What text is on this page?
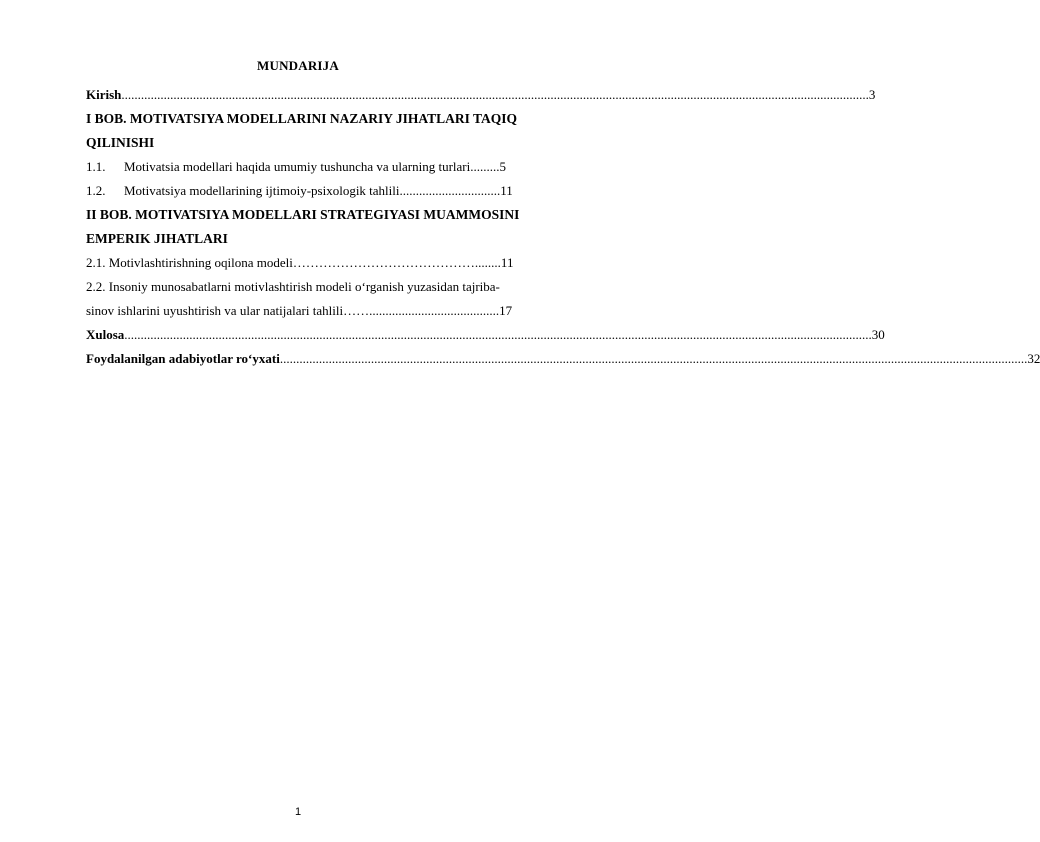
MUNDARIJA
Kirish ...................................................................................................................................................................................................................................... 3
I BOB. MOTIVATSIYA MODELLARINI NAZARIY JIHATLARI TAQIQ
QILINISHI
1.1. Motivatsia modellari haqida umumiy tushuncha va ularning turlari.........5
1.2. Motivatsiya modellarining ijtimoiy-psixologik tahlili...............................11
II BOB. MOTIVATSIYA MODELLARI STRATEGIYASI MUAMMOSINI
EMPERIK JIHATLARI
2.1. Motivlashtirishning oqilona modeli……………………………………........11
2.2. Insoniy munosabatlarni motivlashtirish modeli o‘rganish yuzasidan tajriba-
sinov ishlarini uyushtirish va ular natijalari tahlili……........................................17
Xulosa ...................................................................................................................................................................................................................................... 30
Foydalanilgan adabiyotlar ro‘yxati ...................................................................................................................................................................................................................................... 32
1
